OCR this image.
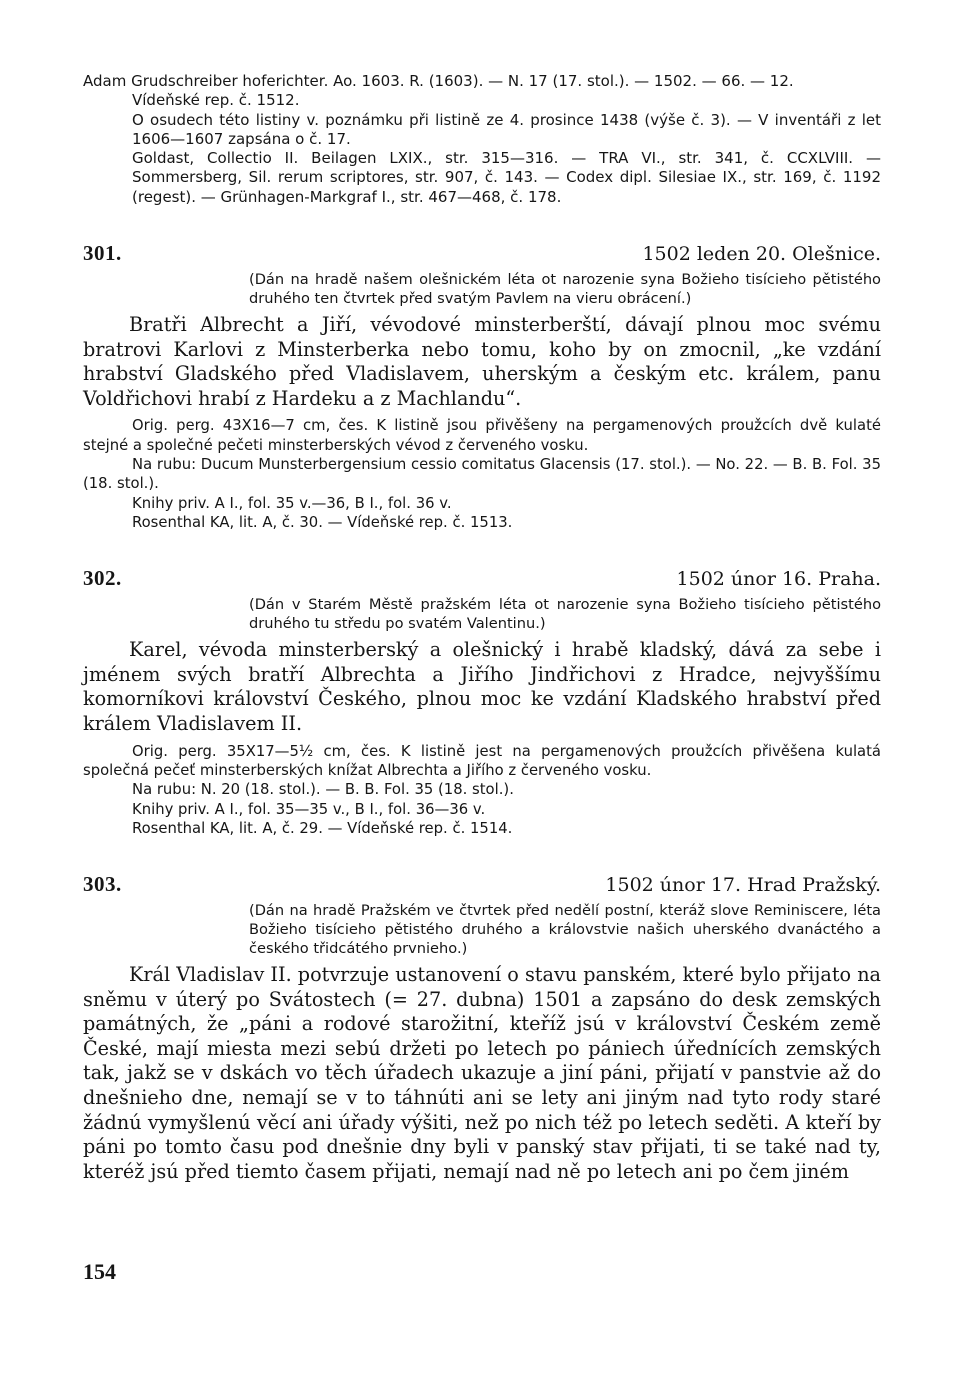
Adam Grudschreiber hoferichter. Ao. 1603. R. (1603). — N. 17 (17. stol.). — 1502. — 66. — 12.

Vídeňské rep. č. 1512.

O osudech této listiny v. poznámku při listině ze 4. prosince 1438 (výše č. 3). — V inventáři z let 1606—1607 zapsána o č. 17.

Goldast, Collectio II. Beilagen LXIX., str. 315—316. — TRA VI., str. 341, č. CCXLVIII. — Sommersberg, Sil. rerum scriptores, str. 907, č. 143. — Codex dipl. Silesiae IX., str. 169, č. 1192 (regest). — Grünhagen-Markgraf I., str. 467—468, č. 178.

301.	1502 leden 20. Olešnice.

(Dán na hradě našem olešnickém léta ot narozenie syna Božieho tisícieho pětistého druhého ten čtvrtek před svatým Pavlem na vieru obrácení.)

Bratři Albrecht a Jiří, vévodové minsterberští, dávají plnou moc svému bratrovi Karlovi z Minsterberka nebo tomu, koho by on zmocnil, „ke vzdání hrabství Gladského před Vladislavem, uherským a českým etc. králem, panu Voldřichovi hrabí z Hardeku a z Machlandu“.

Orig. perg. 43X16—7 cm, čes. K listině jsou přivěšeny na pergamenových proužcích dvě kulaté stejné a společné pečeti minsterberských vévod z červeného vosku.

Na rubu: Ducum Munsterbergensium cessio comitatus Glacensis (17. stol.). — No. 22. — B. B. Fol. 35 (18. stol.).

Knihy priv. A I., fol. 35 v.—36, B I., fol. 36 v.

Rosenthal KA, lit. A, č. 30. — Vídeňské rep. č. 1513.

302.	1502 únor 16. Praha.

(Dán v Starém Městě pražském léta ot narozenie syna Božieho tisícieho pětistého druhého tu středu po svatém Valentinu.)

Karel, vévoda minsterberský a olešnický i hrabě kladský, dává za sebe i jménem svých bratří Albrechta a Jiřího Jindřichovi z Hradce, nejvyššímu komorníkovi království Českého, plnou moc ke vzdání Kladského hrabství před králem Vladislavem II.

Orig. perg. 35X17—5½ cm, čes. K listině jest na pergamenových proužcích přivěšena kulatá společná pečeť minsterberských knížat Albrechta a Jiřího z červeného vosku.

Na rubu: N. 20 (18. stol.). — B. B. Fol. 35 (18. stol.).

Knihy priv. A I., fol. 35—35 v., B I., fol. 36—36 v.

Rosenthal KA, lit. A, č. 29. — Vídeňské rep. č. 1514.

303.	1502 únor 17. Hrad Pražský.

(Dán na hradě Pražském ve čtvrtek před nedělí postní, kteráž slove Reminiscere, léta Božieho tisícieho pětistého druhého a královstvie našich uherského dvanáctého a českého třidcátého prvnieho.)

Král Vladislav II. potvrzuje ustanovení o stavu panském, které bylo přijato na sněmu v úterý po Svátostech (= 27. dubna) 1501 a zapsáno do desk zemských památných, že „páni a rodové starožitní, kteříž jsú v království Českém země České, mají miesta mezi sebú držeti po letech po pániech úřednících zemských tak, jakž se v dskách vo těch úřadech ukazuje a jiní páni, přijatí v panstvie až do dnešnieho dne, nemají se v to táhnúti ani se lety ani jiným nad tyto rody staré žádnú vymyšlenú věcí ani úřady výšiti, než po nich též po letech seděti. A kteří by páni po tomto času pod dnešnie dny byli v panský stav přijati, ti se také nad ty, kteréž jsú před tiemto časem přijati, nemají nad ně po letech ani po čem jiném

154
